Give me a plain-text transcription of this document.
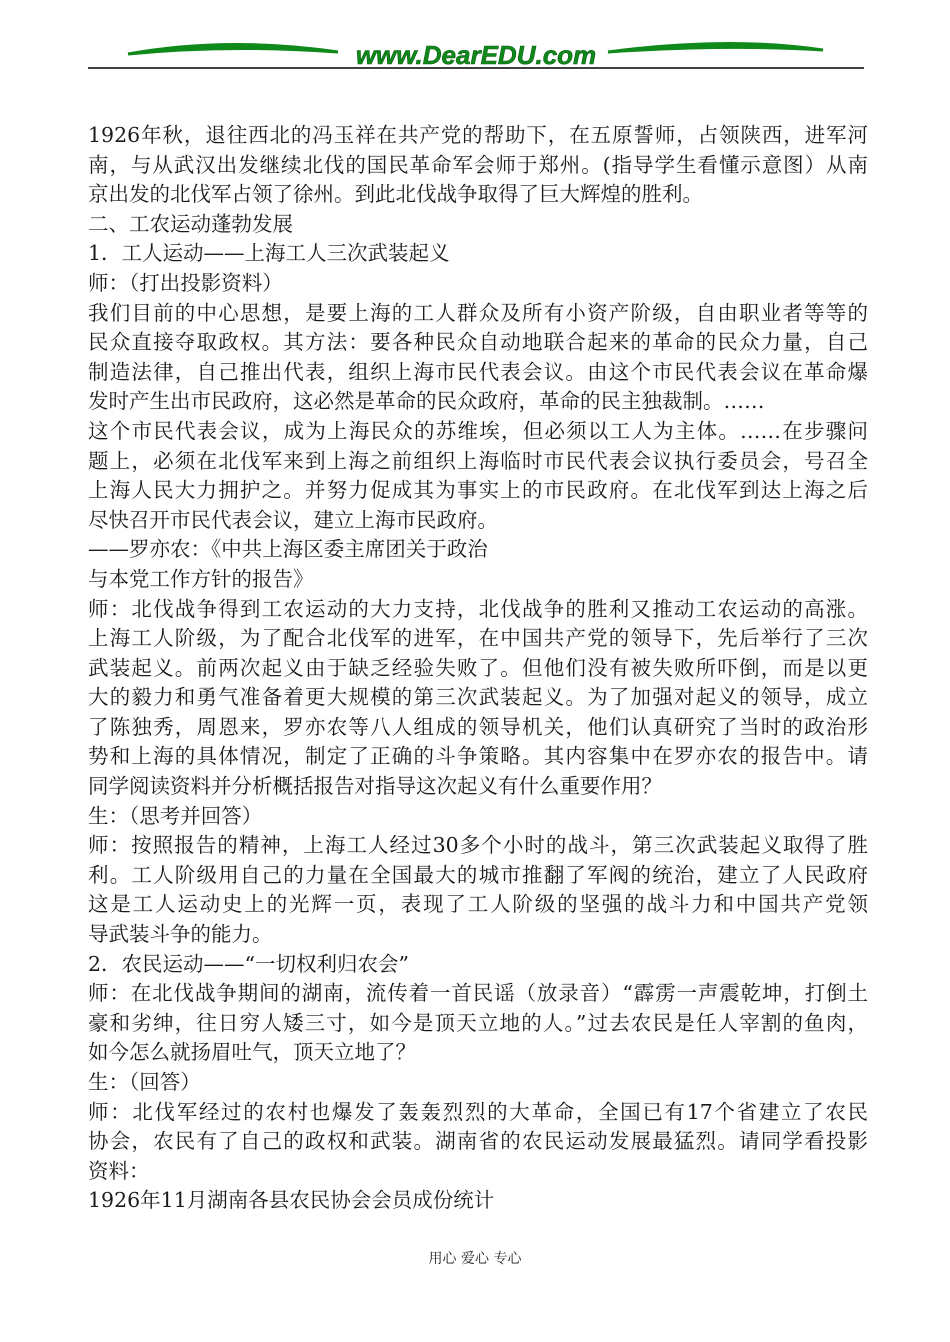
www.DearEDU.com
1926年秋，退往西北的冯玉祥在共产党的帮助下，在五原誓师，占领陕西，进军河
南，与从武汉出发继续北伐的国民革命军会师于郑州。(指导学生看懂示意图）从南
京出发的北伐军占领了徐州。到此北伐战争取得了巨大辉煌的胜利。
二、工农运动蓬勃发展
1．工人运动——上海工人三次武装起义
师：（打出投影资料）
我们目前的中心思想，是要上海的工人群众及所有小资产阶级，自由职业者等等的
民众直接夺取政权。其方法：要各种民众自动地联合起来的革命的民众力量，自己
制造法律，自己推出代表，组织上海市民代表会议。由这个市民代表会议在革命爆
发时产生出市民政府，这必然是革命的民众政府，革命的民主独裁制。……
这个市民代表会议，成为上海民众的苏维埃，但必须以工人为主体。……在步骤问
题上，必须在北伐军来到上海之前组织上海临时市民代表会议执行委员会，号召全
上海人民大力拥护之。并努力促成其为事实上的市民政府。在北伐军到达上海之后
尽快召开市民代表会议，建立上海市民政府。
——罗亦农：《中共上海区委主席团关于政治
与本党工作方针的报告》
师：北伐战争得到工农运动的大力支持，北伐战争的胜利又推动工农运动的高涨。
上海工人阶级，为了配合北伐军的进军，在中国共产党的领导下，先后举行了三次
武装起义。前两次起义由于缺乏经验失败了。但他们没有被失败所吓倒，而是以更
大的毅力和勇气准备着更大规模的第三次武装起义。为了加强对起义的领导，成立
了陈独秀，周恩来，罗亦农等八人组成的领导机关，他们认真研究了当时的政治形
势和上海的具体情况，制定了正确的斗争策略。其内容集中在罗亦农的报告中。请
同学阅读资料并分析概括报告对指导这次起义有什么重要作用？
生：（思考并回答）
师：按照报告的精神，上海工人经过30多个小时的战斗，第三次武装起义取得了胜
利。工人阶级用自己的力量在全国最大的城市推翻了军阀的统治，建立了人民政府
这是工人运动史上的光辉一页，表现了工人阶级的坚强的战斗力和中国共产党领
导武装斗争的能力。
2．农民运动——“一切权利归农会”
师：在北伐战争期间的湖南，流传着一首民谣（放录音）“霹雳一声震乾坤，打倒土
豪和劣绅，往日穷人矮三寸，如今是顶天立地的人。”过去农民是任人宰割的鱼肉，
如今怎么就扬眉吐气，顶天立地了？
生：（回答）
师：北伐军经过的农村也爆发了轰轰烈烈的大革命，全国已有17个省建立了农民
协会，农民有了自己的政权和武装。湖南省的农民运动发展最猛烈。请同学看投影
资料：
1926年11月湖南各县农民协会会员成份统计
用心 爱心 专心
